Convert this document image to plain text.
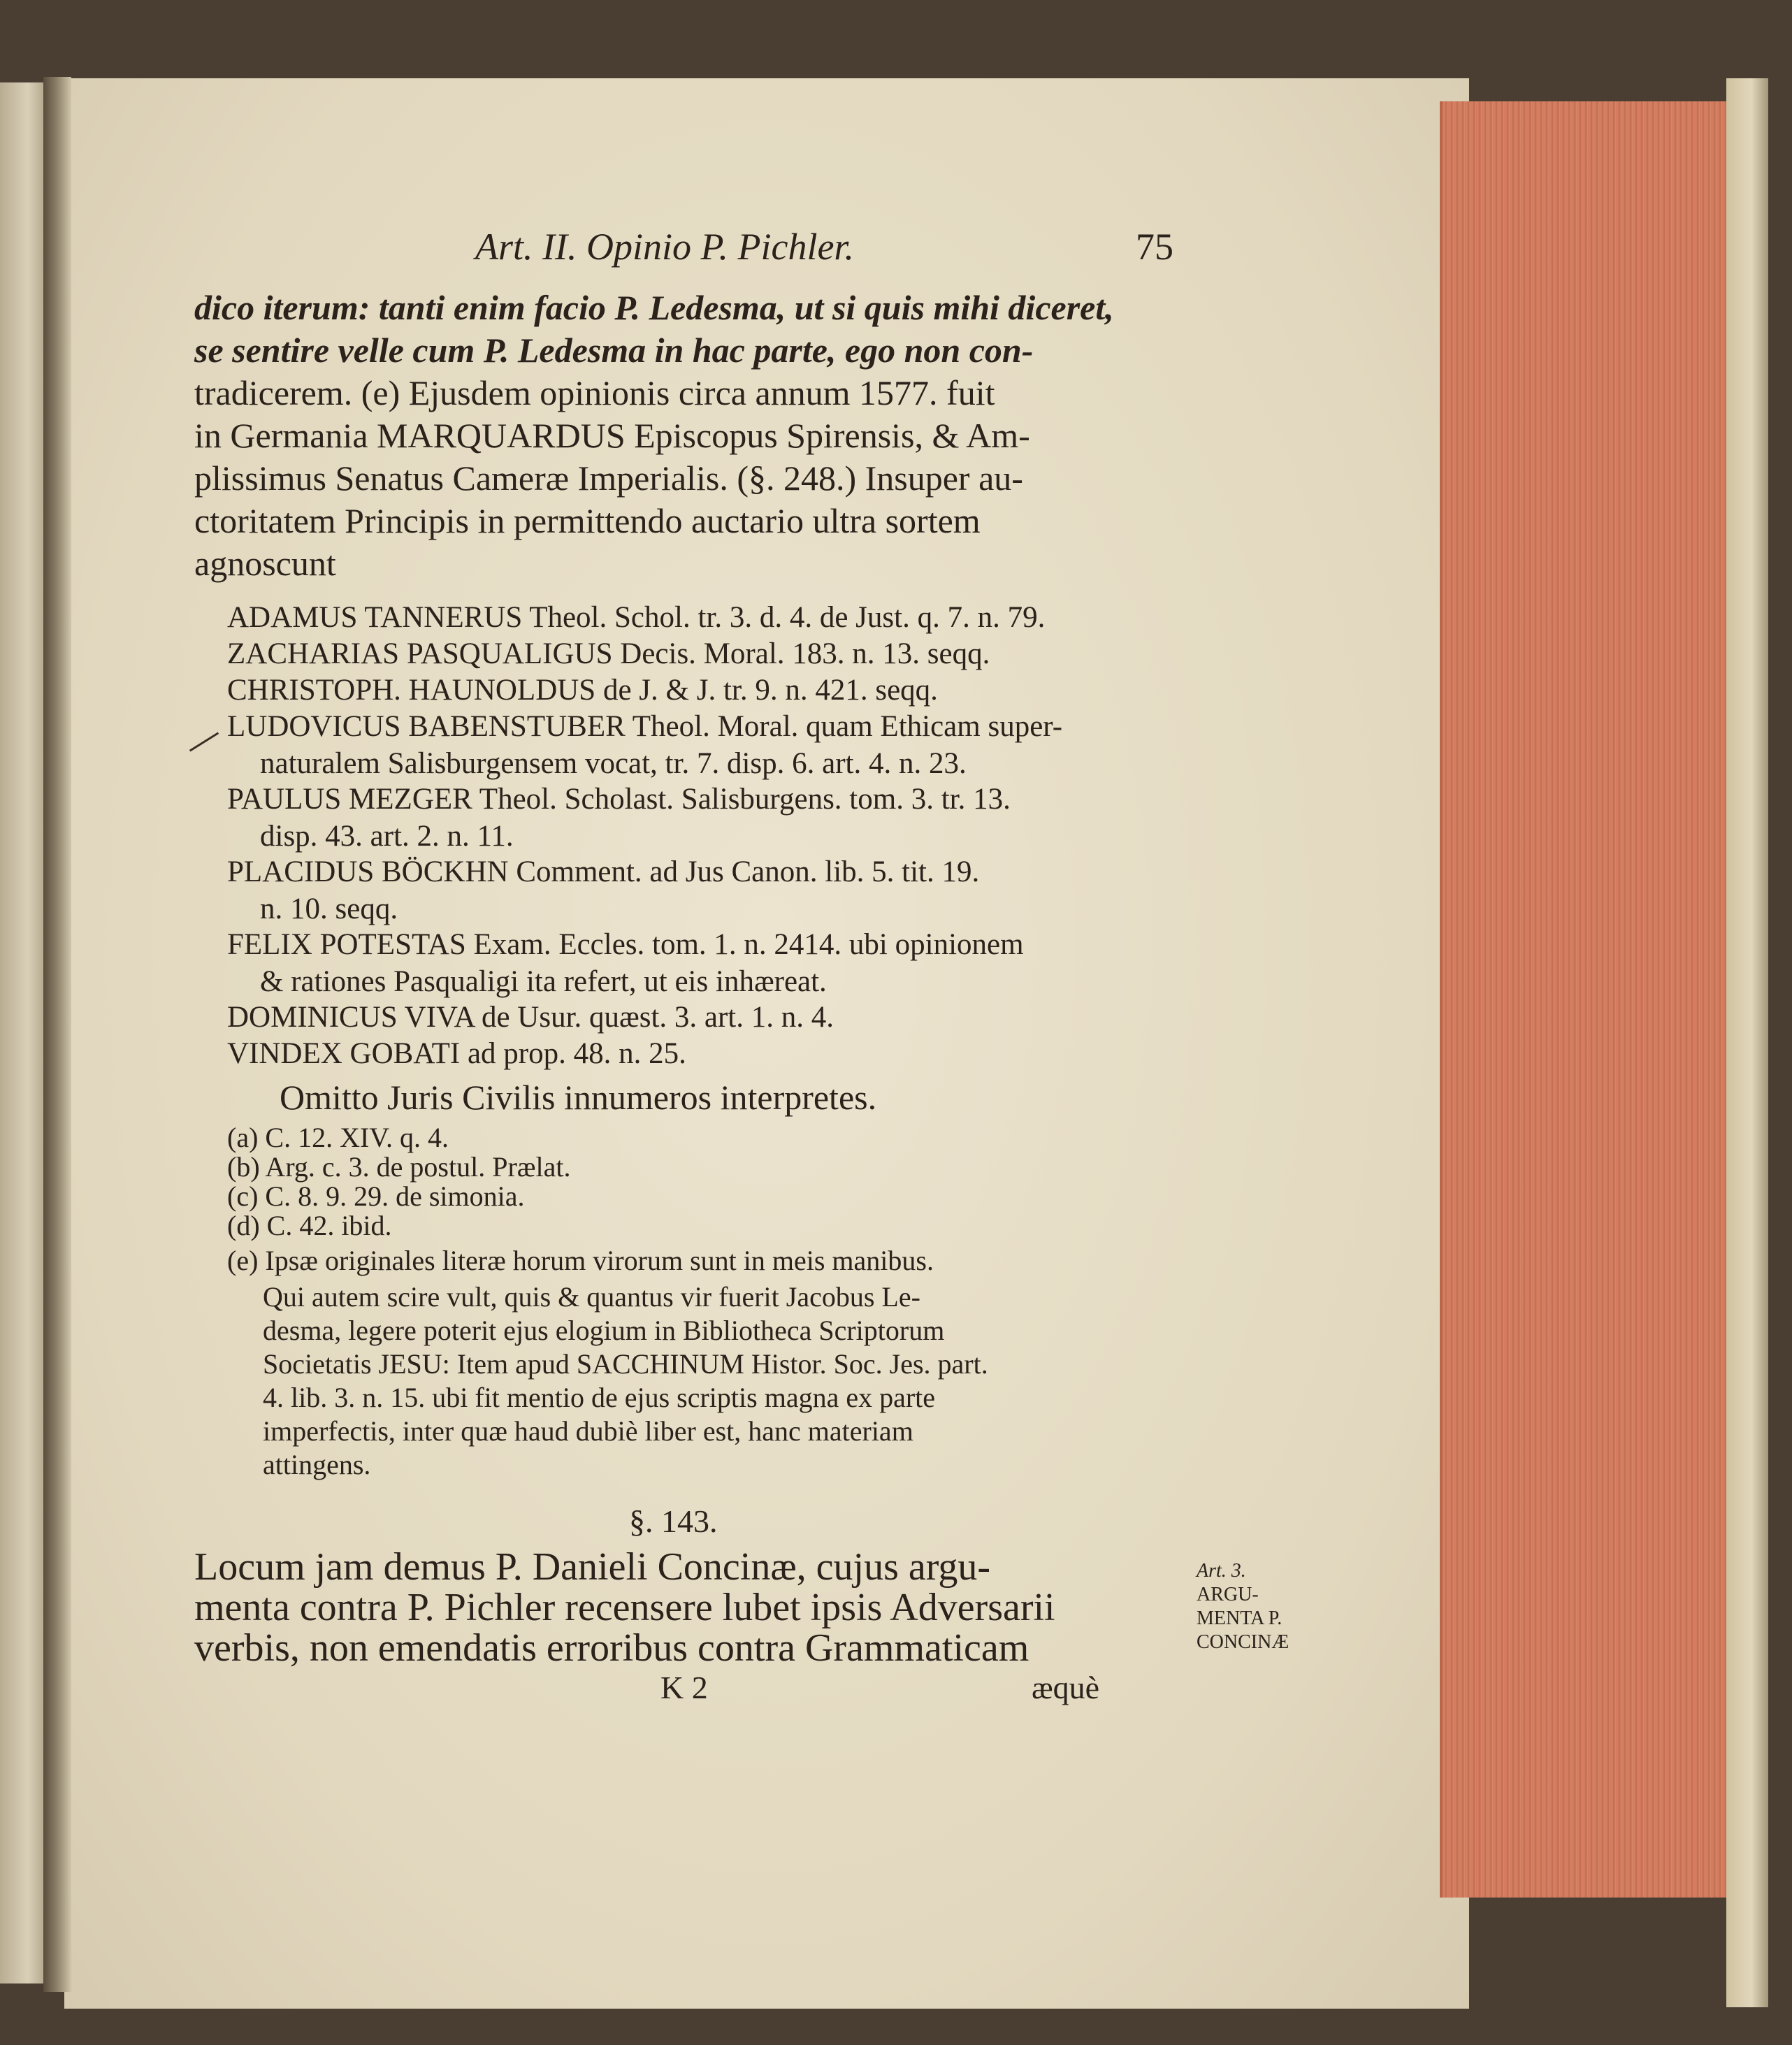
Art. II. Opinio P. Pichler.	75
dico iterum: tanti enim facio P. Ledesma, ut si quis mihi diceret,
se sentire velle cum P. Ledesma in hac parte, ego non con-
tradicerem. (e) Ejusdem opinionis circa annum 1577. fuit
in Germania MARQUARDUS Episcopus Spirensis, & Am-
plissimus Senatus Cameræ Imperialis. (§. 248.) Insuper au-
ctoritatem Principis in permittendo auctario ultra sortem
agnoscunt
ADAMUS TANNERUS Theol. Schol. tr. 3. d. 4. de Just. q. 7. n. 79.
ZACHARIAS PASQUALIGUS Decis. Moral. 183. n. 13. seqq.
CHRISTOPH. HAUNOLDUS de J. & J. tr. 9. n. 421. seqq.
LUDOVICUS BABENSTUBER Theol. Moral. quam Ethicam super-
naturalem Salisburgensem vocat, tr. 7. disp. 6. art. 4. n. 23.
PAULUS MEZGER Theol. Scholast. Salisburgens. tom. 3. tr. 13.
disp. 43. art. 2. n. 11.
PLACIDUS BÖCKHN Comment. ad Jus Canon. lib. 5. tit. 19.
n. 10. seqq.
FELIX POTESTAS Exam. Eccles. tom. 1. n. 2414. ubi opinionem
& rationes Pasqualigi ita refert, ut eis inhæreat.
DOMINICUS VIVA de Usur. quæst. 3. art. 1. n. 4.
VINDEX GOBATI ad prop. 48. n. 25.
Omitto Juris Civilis innumeros interpretes.
(a) C. 12. XIV. q. 4.
(b) Arg. c. 3. de postul. Prælat.
(c) C. 8. 9. 29. de simonia.
(d) C. 42. ibid.
(e) Ipsæ originales literæ horum virorum sunt in meis manibus.
Qui autem scire vult, quis & quantus vir fuerit Jacobus Le-
desma, legere poterit ejus elogium in Bibliotheca Scriptorum
Societatis JESU: Item apud SACCHINUM Histor. Soc. Jes. part.
4. lib. 3. n. 15. ubi fit mentio de ejus scriptis magna ex parte
imperfectis, inter quæ haud dubiè liber est, hanc materiam
attingens.
§. 143.
Locum jam demus P. Danieli Concinæ, cujus argu-
menta contra P. Pichler recensere lubet ipsis Adversarii
verbis, non emendatis erroribus contra Grammaticam
Art. 3.
ARGU-
MENTA P.
CONCINÆ
K 2	æquè
